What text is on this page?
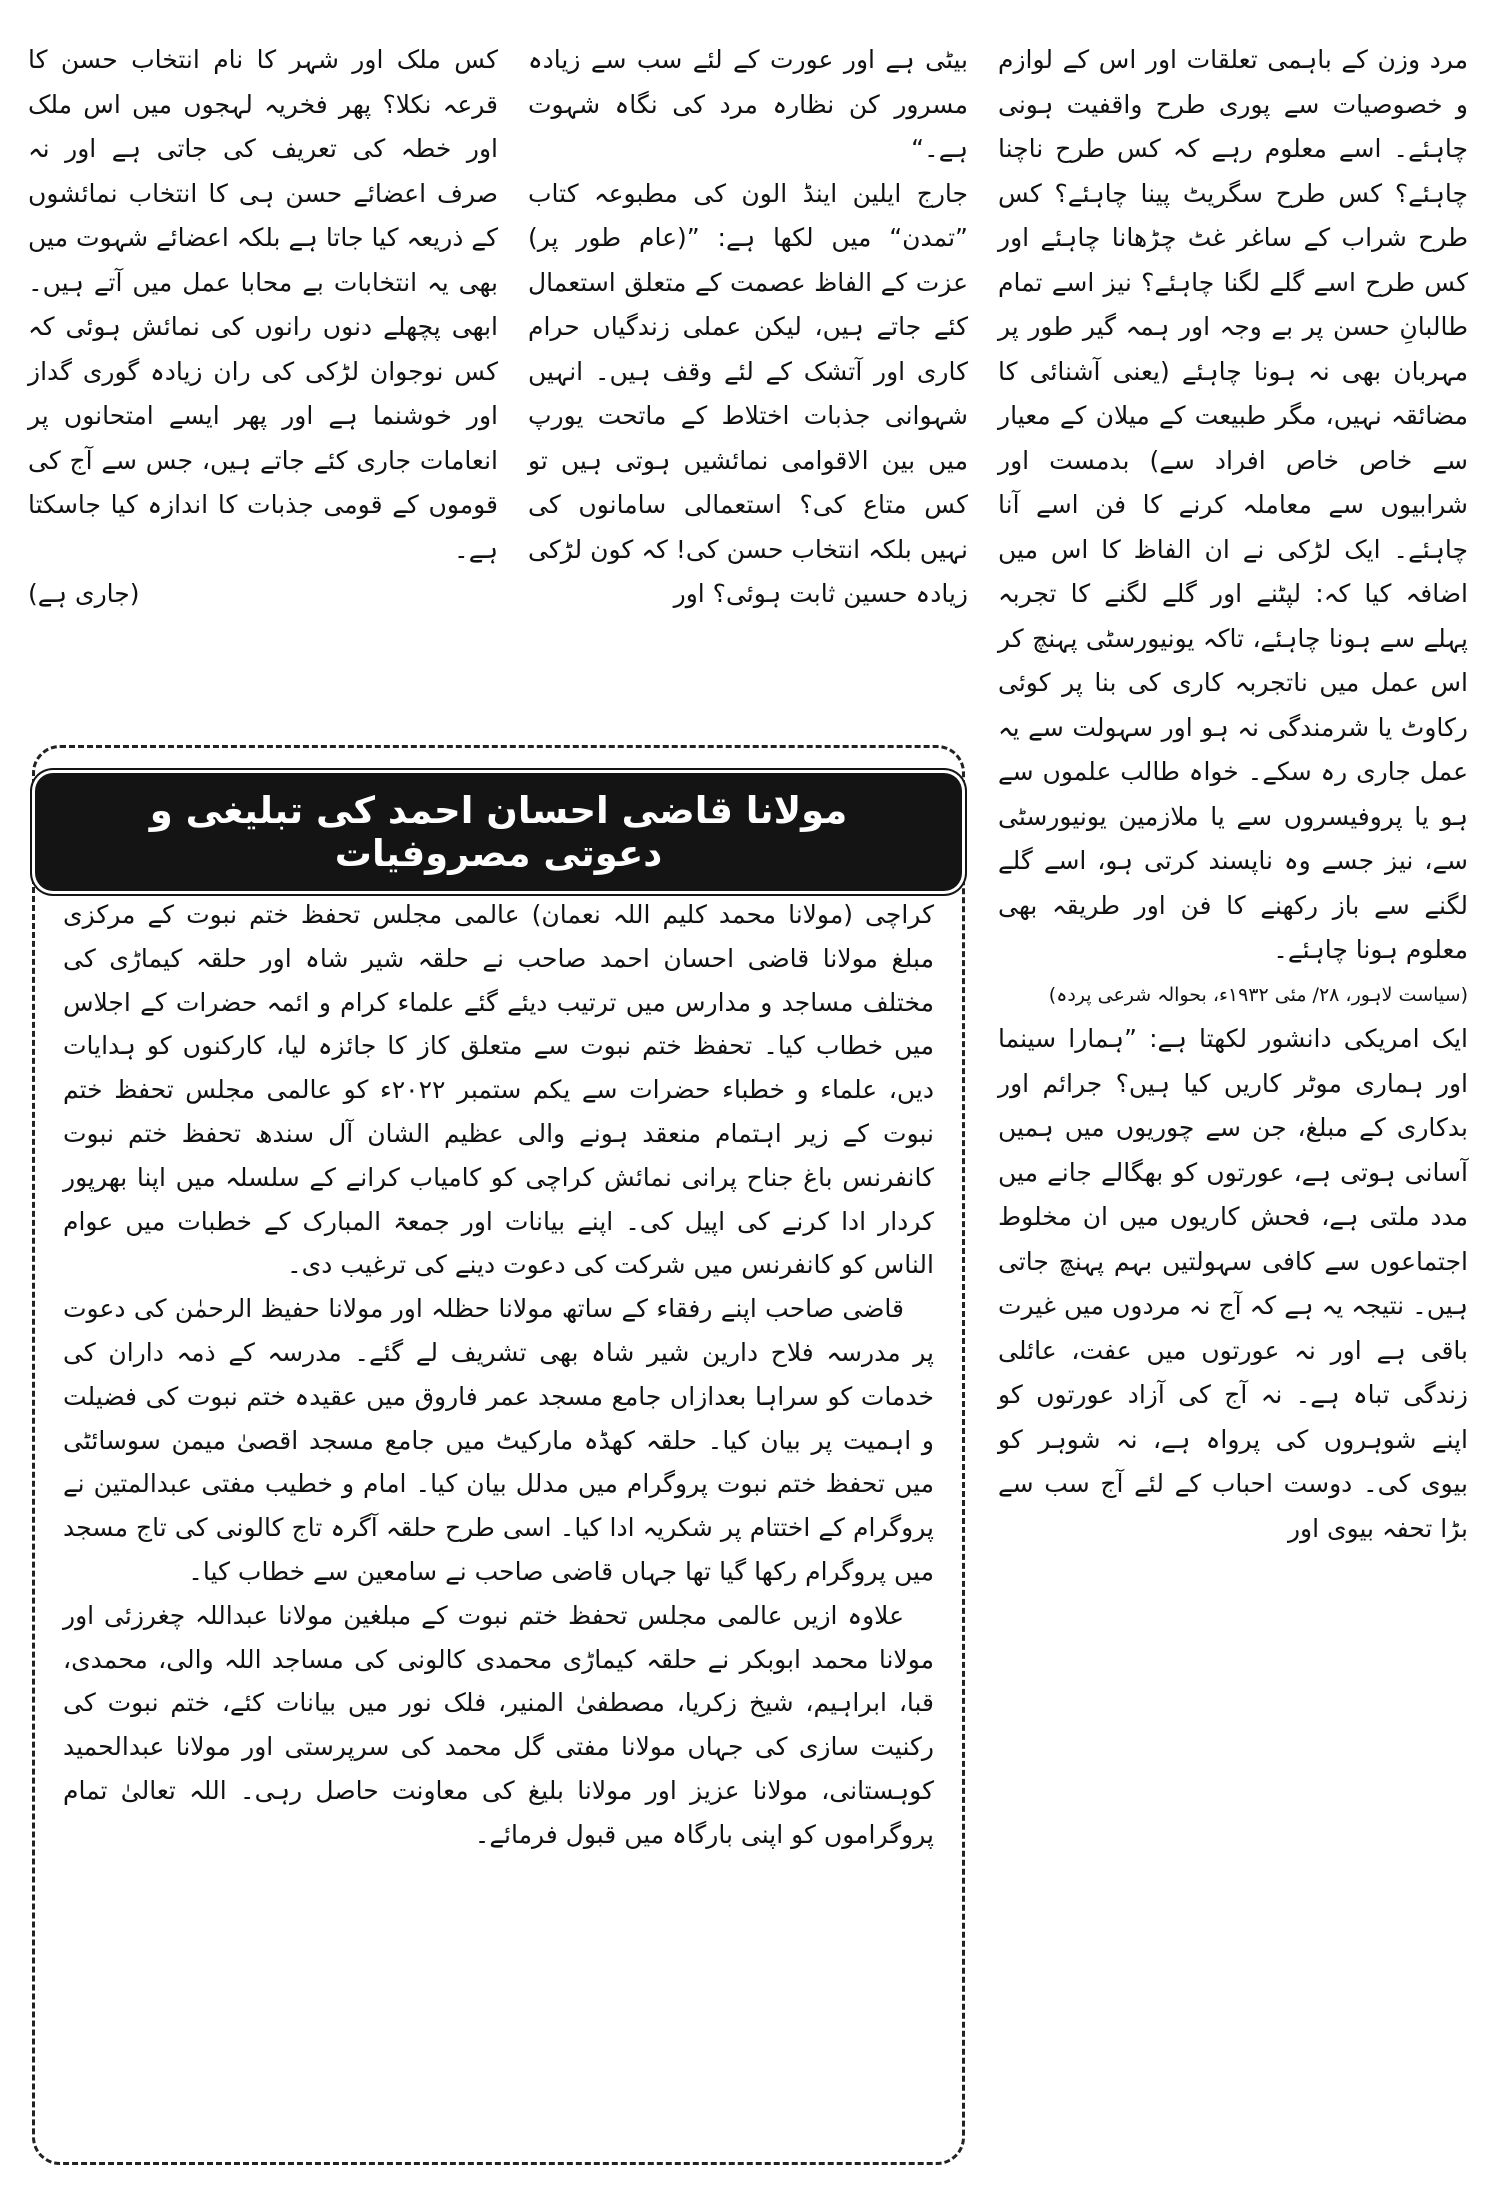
مرد وزن کے باہمی تعلقات اور اس کے لوازم و خصوصیات سے پوری طرح واقفیت ہونی چاہئے۔ اسے معلوم رہے کہ کس طرح ناچنا چاہئے؟ کس طرح سگریٹ پینا چاہئے؟ کس طرح شراب کے ساغر غٹ چڑھانا چاہئے اور کس طرح اسے گلے لگنا چاہئے؟ نیز اسے تمام طالبانِ حسن پر بے وجہ اور ہمہ گیر طور پر مہربان بھی نہ ہونا چاہئے (یعنی آشنائی کا مضائقہ نہیں، مگر طبیعت کے میلان کے معیار سے خاص خاص افراد سے) بدمست اور شرابیوں سے معاملہ کرنے کا فن اسے آنا چاہئے۔ ایک لڑکی نے ان الفاظ کا اس میں اضافہ کیا کہ: لپٹنے اور گلے لگنے کا تجربہ پہلے سے ہونا چاہئے، تاکہ یونیورسٹی پہنچ کر اس عمل میں ناتجربہ کاری کی بنا پر کوئی رکاوٹ یا شرمندگی نہ ہو اور سہولت سے یہ عمل جاری رہ سکے۔ خواہ طالب علموں سے ہو یا پروفیسروں سے یا ملازمین یونیورسٹی سے، نیز جسے وہ ناپسند کرتی ہو، اسے گلے لگنے سے باز رکھنے کا فن اور طریقہ بھی معلوم ہونا چاہئے۔

(سیاست لاہور، ۲۸/ مئی ۱۹۳۲ء، بحوالہ شرعی پردہ)

ایک امریکی دانشور لکھتا ہے: ”ہمارا سینما اور ہماری موٹر کاریں کیا ہیں؟ جرائم اور بدکاری کے مبلغ، جن سے چوریوں میں ہمیں آسانی ہوتی ہے، عورتوں کو بھگالے جانے میں مدد ملتی ہے، فحش کاریوں میں ان مخلوط اجتماعوں سے کافی سہولتیں بہم پہنچ جاتی ہیں۔ نتیجہ یہ ہے کہ آج نہ مردوں میں غیرت باقی ہے اور نہ عورتوں میں عفت، عائلی زندگی تباہ ہے۔ نہ آج کی آزاد عورتوں کو اپنے شوہروں کی پرواہ ہے، نہ شوہر کو بیوی کی۔ دوست احباب کے لئے آج سب سے بڑا تحفہ بیوی اور

بیٹی ہے اور عورت کے لئے سب سے زیادہ مسرور کن نظارہ مرد کی نگاہ شہوت ہے۔“

جارج ایلین اینڈ الون کی مطبوعہ کتاب ”تمدن“ میں لکھا ہے: ”(عام طور پر) عزت کے الفاظ عصمت کے متعلق استعمال کئے جاتے ہیں، لیکن عملی زندگیاں حرام کاری اور آتشک کے لئے وقف ہیں۔ انہیں شہوانی جذبات اختلاط کے ماتحت یورپ میں بین الاقوامی نمائشیں ہوتی ہیں تو کس متاع کی؟ استعمالی سامانوں کی نہیں بلکہ انتخاب حسن کی! کہ کون لڑکی زیادہ حسین ثابت ہوئی؟ اور

کس ملک اور شہر کا نام انتخاب حسن کا قرعہ نکلا؟ پھر فخریہ لہجوں میں اس ملک اور خطہ کی تعریف کی جاتی ہے اور نہ صرف اعضائے حسن ہی کا انتخاب نمائشوں کے ذریعہ کیا جاتا ہے بلکہ اعضائے شہوت میں بھی یہ انتخابات بے محابا عمل میں آتے ہیں۔ ابھی پچھلے دنوں رانوں کی نمائش ہوئی کہ کس نوجوان لڑکی کی ران زیادہ گوری گداز اور خوشنما ہے اور پھر ایسے امتحانوں پر انعامات جاری کئے جاتے ہیں، جس سے آج کی قوموں کے قومی جذبات کا اندازہ کیا جاسکتا ہے۔

(جاری ہے)

مولانا قاضی احسان احمد کی تبلیغی و دعوتی مصروفیات

کراچی (مولانا محمد کلیم اللہ نعمان) عالمی مجلس تحفظ ختم نبوت کے مرکزی مبلغ مولانا قاضی احسان احمد صاحب نے حلقہ شیر شاہ اور حلقہ کیماڑی کی مختلف مساجد و مدارس میں ترتیب دیئے گئے علماء کرام و ائمہ حضرات کے اجلاس میں خطاب کیا۔ تحفظ ختم نبوت سے متعلق کاز کا جائزہ لیا، کارکنوں کو ہدایات دیں، علماء و خطباء حضرات سے یکم ستمبر ۲۰۲۲ء کو عالمی مجلس تحفظ ختم نبوت کے زیر اہتمام منعقد ہونے والی عظیم الشان آل سندھ تحفظ ختم نبوت کانفرنس باغ جناح پرانی نمائش کراچی کو کامیاب کرانے کے سلسلہ میں اپنا بھرپور کردار ادا کرنے کی اپیل کی۔ اپنے بیانات اور جمعۃ المبارک کے خطبات میں عوام الناس کو کانفرنس میں شرکت کی دعوت دینے کی ترغیب دی۔

قاضی صاحب اپنے رفقاء کے ساتھ مولانا حظلہ اور مولانا حفیظ الرحمٰن کی دعوت پر مدرسہ فلاح دارین شیر شاہ بھی تشریف لے گئے۔ مدرسہ کے ذمہ داران کی خدمات کو سراہا بعدازاں جامع مسجد عمر فاروق میں عقیدہ ختم نبوت کی فضیلت و اہمیت پر بیان کیا۔ حلقہ کھڈہ مارکیٹ میں جامع مسجد اقصیٰ میمن سوسائٹی میں تحفظ ختم نبوت پروگرام میں مدلل بیان کیا۔ امام و خطیب مفتی عبدالمتین نے پروگرام کے اختتام پر شکریہ ادا کیا۔ اسی طرح حلقہ آگرہ تاج کالونی کی تاج مسجد میں پروگرام رکھا گیا تھا جہاں قاضی صاحب نے سامعین سے خطاب کیا۔

علاوہ ازیں عالمی مجلس تحفظ ختم نبوت کے مبلغین مولانا عبداللہ چغرزئی اور مولانا محمد ابوبکر نے حلقہ کیماڑی محمدی کالونی کی مساجد اللہ والی، محمدی، قبا، ابراہیم، شیخ زکریا، مصطفیٰ المنیر، فلک نور میں بیانات کئے، ختم نبوت کی رکنیت سازی کی جہاں مولانا مفتی گل محمد کی سرپرستی اور مولانا عبدالحمید کوہستانی، مولانا عزیز اور مولانا بلیغ کی معاونت حاصل رہی۔ اللہ تعالیٰ تمام پروگراموں کو اپنی بارگاہ میں قبول فرمائے۔
